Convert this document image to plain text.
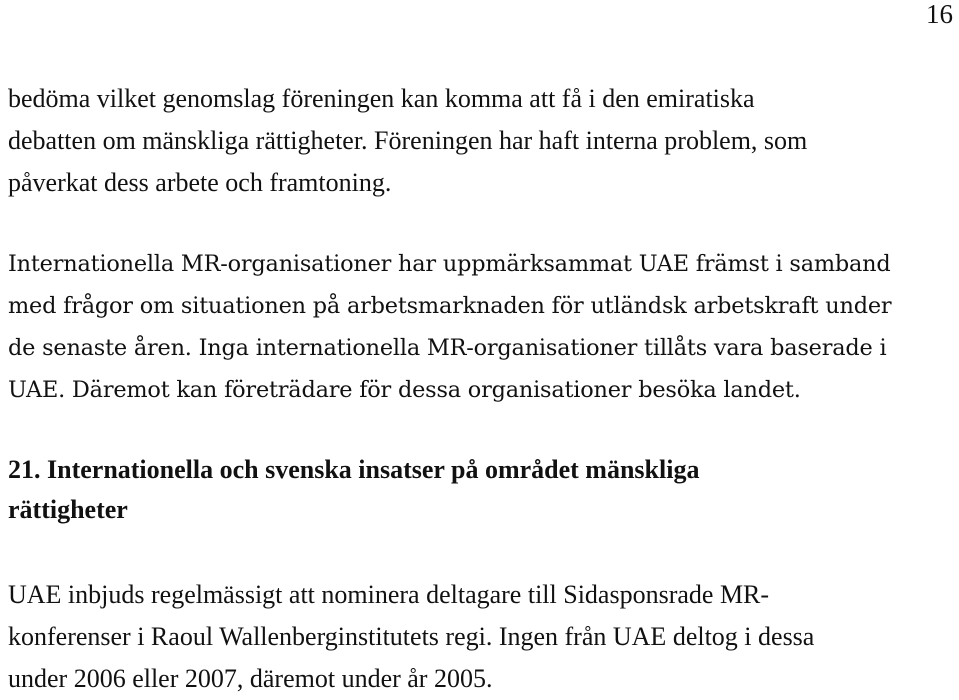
16

bedöma vilket genomslag föreningen kan komma att få i den emiratiska
debatten om mänskliga rättigheter. Föreningen har haft interna problem, som
påverkat dess arbete och framtoning.

Internationella MR-organisationer har uppmärksammat UAE främst i samband
med frågor om situationen på arbetsmarknaden för utländsk arbetskraft under
de senaste åren. Inga internationella MR-organisationer tillåts vara baserade i
UAE. Däremot kan företrädare för dessa organisationer besöka landet.

21. Internationella och svenska insatser på området mänskliga
rättigheter

UAE inbjuds regelmässigt att nominera deltagare till Sidasponsrade MR-
konferenser i Raoul Wallenberginstitutets regi. Ingen från UAE deltog i dessa
under 2006 eller 2007, däremot under år 2005.
